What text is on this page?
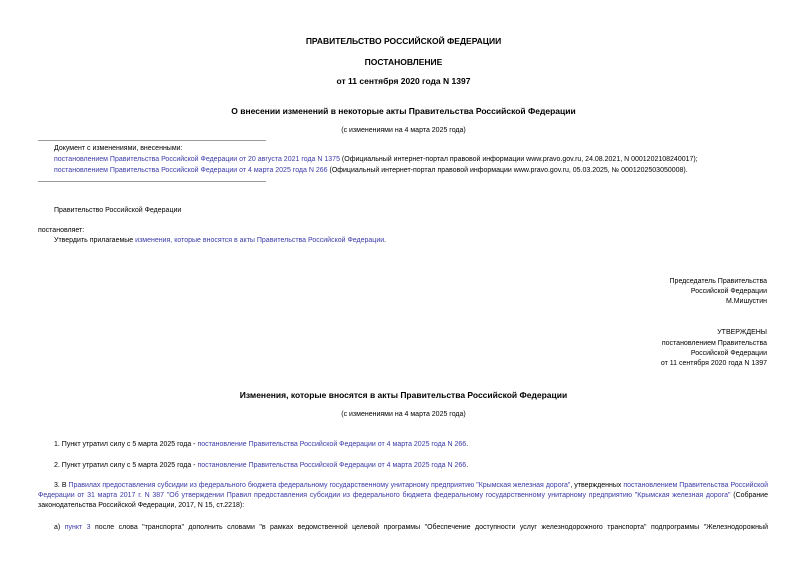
ПРАВИТЕЛЬСТВО РОССИЙСКОЙ ФЕДЕРАЦИИ
ПОСТАНОВЛЕНИЕ
от 11 сентября 2020 года N 1397
О внесении изменений в некоторые акты Правительства Российской Федерации
(с изменениями на 4 марта 2025 года)
Документ с изменениями, внесенными:
постановлением Правительства Российской Федерации от 20 августа 2021 года N 1375 (Официальный интернет-портал правовой информации www.pravo.gov.ru, 24.08.2021, N 0001202108240017);
постановлением Правительства Российской Федерации от 4 марта 2025 года N 266 (Официальный интернет-портал правовой информации www.pravo.gov.ru, 05.03.2025, № 0001202503050008).
Правительство Российской Федерации
постановляет:
Утвердить прилагаемые изменения, которые вносятся в акты Правительства Российской Федерации.
Председатель Правительства
Российской Федерации
М.Мишустин
УТВЕРЖДЕНЫ
постановлением Правительства
Российской Федерации
от 11 сентября 2020 года N 1397
Изменения, которые вносятся в акты Правительства Российской Федерации
(с изменениями на 4 марта 2025 года)
1. Пункт утратил силу с 5 марта 2025 года - постановление Правительства Российской Федерации от 4 марта 2025 года N 266.
2. Пункт утратил силу с 5 марта 2025 года - постановление Правительства Российской Федерации от 4 марта 2025 года N 266.
3. В Правилах предоставления субсидии из федерального бюджета федеральному государственному унитарному предприятию "Крымская железная дорога", утвержденных постановлением Правительства Российской Федерации от 31 марта 2017 г. N 387 "Об утверждении Правил предоставления субсидии из федерального бюджета федеральному государственному унитарному предприятию "Крымская железная дорога" (Собрание законодательства Российской Федерации, 2017, N 15, ст.2218):
а) пункт 3 после слова "транспорта" дополнить словами "в рамках ведомственной целевой программы "Обеспечение доступности услуг железнодорожного транспорта" подпрограммы "Железнодорожный
